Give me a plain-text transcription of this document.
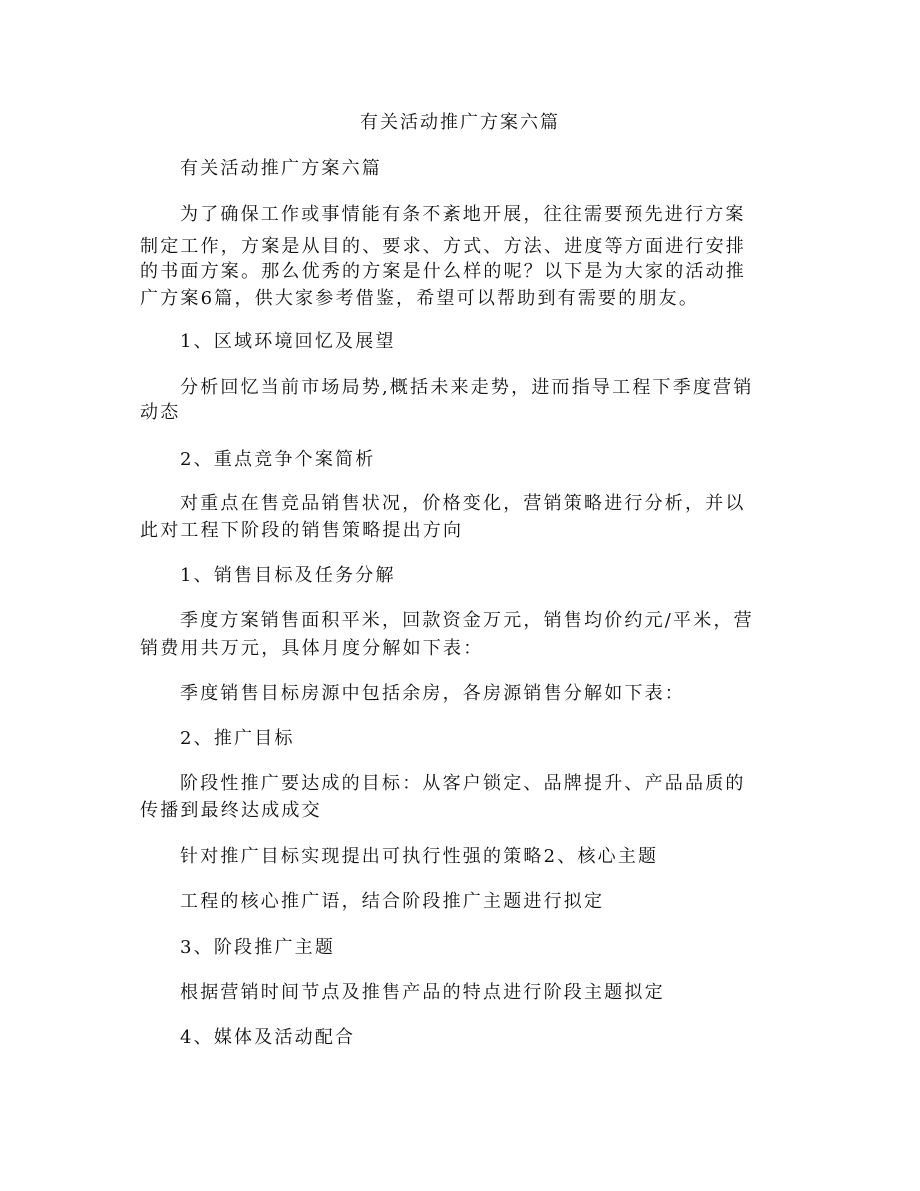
有关活动推广方案六篇
有关活动推广方案六篇
为了确保工作或事情能有条不紊地开展，往往需要预先进行方案
制定工作，方案是从目的、要求、方式、方法、进度等方面进行安排
的书面方案。那么优秀的方案是什么样的呢？以下是为大家的活动推
广方案6篇，供大家参考借鉴，希望可以帮助到有需要的朋友。
1、区域环境回忆及展望
分析回忆当前市场局势,概括未来走势，进而指导工程下季度营销
动态
2、重点竞争个案简析
对重点在售竞品销售状况，价格变化，营销策略进行分析，并以
此对工程下阶段的销售策略提出方向
1、销售目标及任务分解
季度方案销售面积平米，回款资金万元，销售均价约元/平米，营
销费用共万元，具体月度分解如下表：
季度销售目标房源中包括余房，各房源销售分解如下表：
2、推广目标
阶段性推广要达成的目标：从客户锁定、品牌提升、产品品质的
传播到最终达成成交
针对推广目标实现提出可执行性强的策略2、核心主题
工程的核心推广语，结合阶段推广主题进行拟定
3、阶段推广主题
根据营销时间节点及推售产品的特点进行阶段主题拟定
4、媒体及活动配合
